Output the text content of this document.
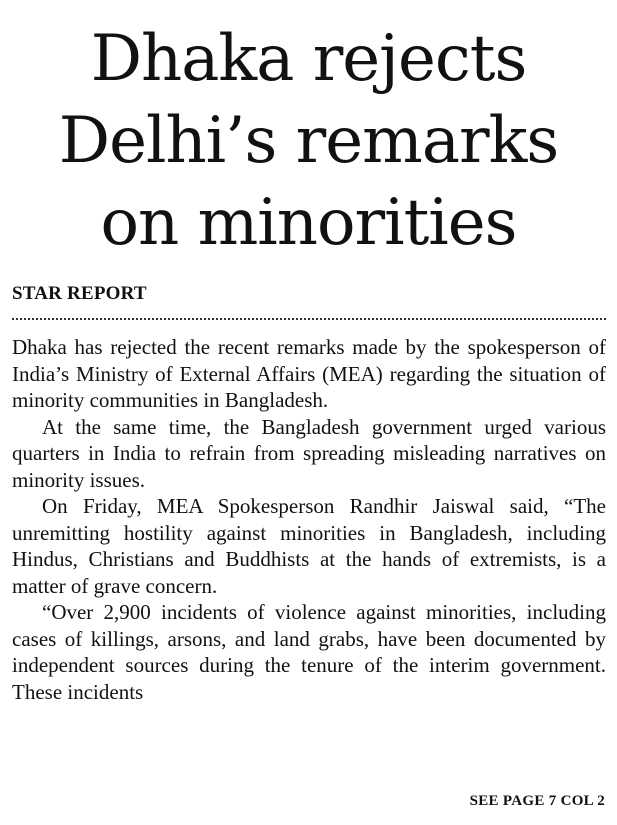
Dhaka rejects
Delhi’s remarks
on minorities
STAR REPORT

Dhaka has rejected the recent remarks made by the spokesperson of India’s Ministry of External Affairs (MEA) regarding the situation of minority communities in Bangladesh.

At the same time, the Bangladesh government urged various quarters in India to refrain from spreading misleading narratives on minority issues.

On Friday, MEA Spokesperson Randhir Jaiswal said, “The unremitting hostility against minorities in Bangladesh, including Hindus, Christians and Buddhists at the hands of extremists, is a matter of grave concern.

“Over 2,900 incidents of violence against minorities, including cases of killings, arsons, and land grabs, have been documented by independent sources during the tenure of the interim government. These incidents

SEE PAGE 7 COL 2
